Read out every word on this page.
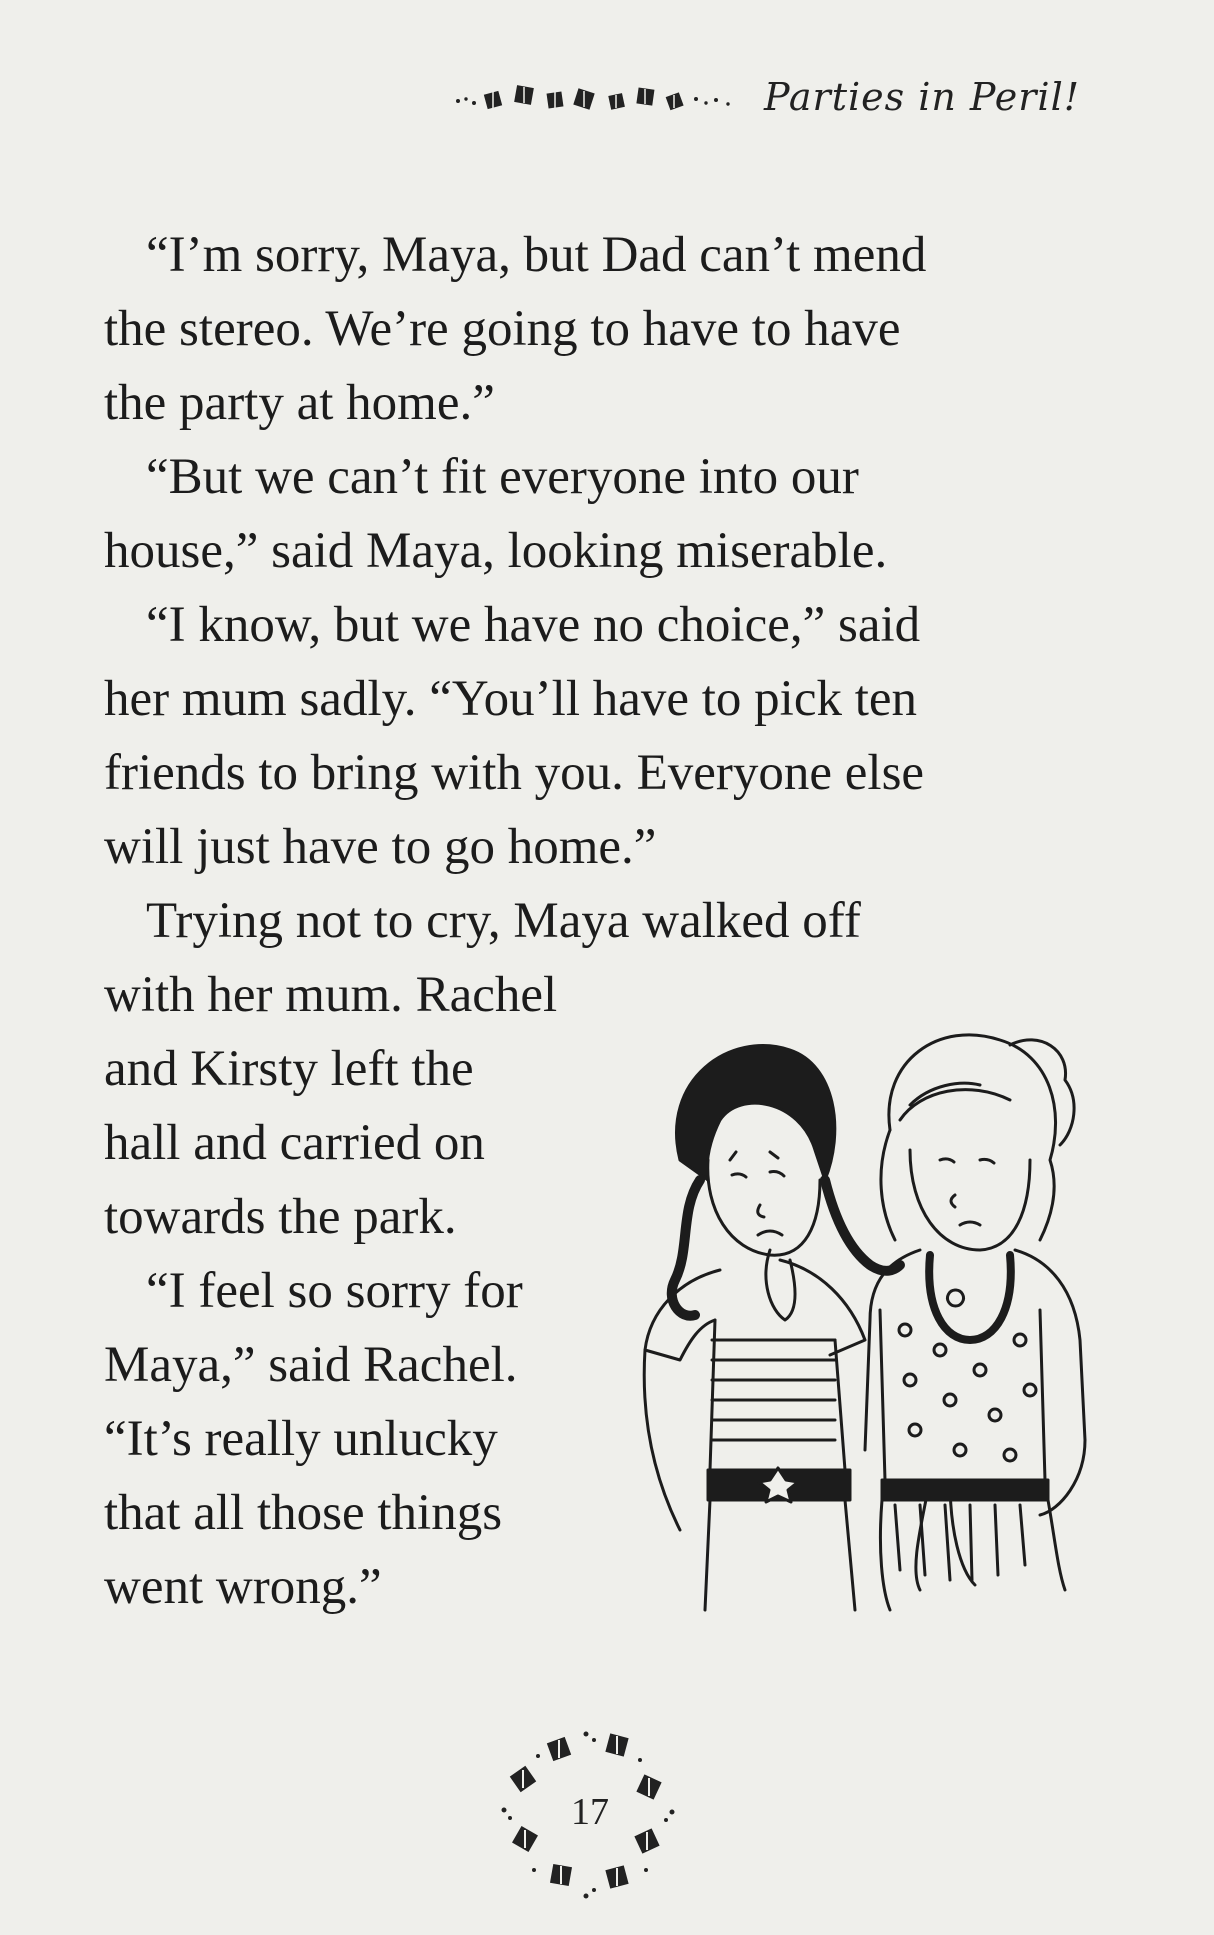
Parties in Peril!
“I’m sorry, Maya, but Dad can’t mend
the stereo. We’re going to have to have
the party at home.”
“But we can’t fit everyone into our
house,” said Maya, looking miserable.
“I know, but we have no choice,” said
her mum sadly. “You’ll have to pick ten
friends to bring with you. Everyone else
will just have to go home.”
Trying not to cry, Maya walked off
with her mum. Rachel
and Kirsty left the
hall and carried on
towards the park.
“I feel so sorry for
Maya,” said Rachel.
“It’s really unlucky
that all those things
went wrong.”
17
